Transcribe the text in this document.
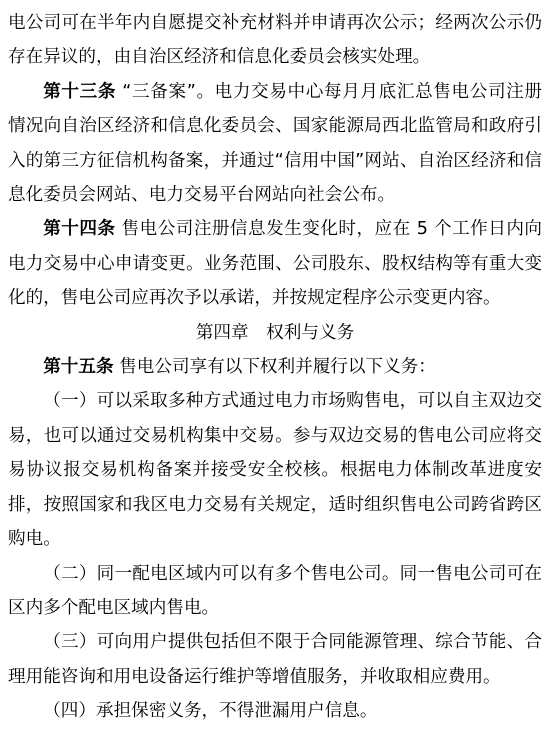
电公司可在半年内自愿提交补充材料并申请再次公示；经两次公示仍存在异议的，由自治区经济和信息化委员会核实处理。

第十三条 “三备案”。电力交易中心每月月底汇总售电公司注册情况向自治区经济和信息化委员会、国家能源局西北监管局和政府引入的第三方征信机构备案，并通过“信用中国”网站、自治区经济和信息化委员会网站、电力交易平台网站向社会公布。

第十四条 售电公司注册信息发生变化时，应在 5 个工作日内向电力交易中心申请变更。业务范围、公司股东、股权结构等有重大变化的，售电公司应再次予以承诺，并按规定程序公示变更内容。

第四章　权利与义务

第十五条 售电公司享有以下权利并履行以下义务：

（一）可以采取多种方式通过电力市场购售电，可以自主双边交易，也可以通过交易机构集中交易。参与双边交易的售电公司应将交易协议报交易机构备案并接受安全校核。根据电力体制改革进度安排，按照国家和我区电力交易有关规定，适时组织售电公司跨省跨区购电。

（二）同一配电区域内可以有多个售电公司。同一售电公司可在区内多个配电区域内售电。

（三）可向用户提供包括但不限于合同能源管理、综合节能、合理用能咨询和用电设备运行维护等增值服务，并收取相应费用。

（四）承担保密义务，不得泄漏用户信息。
